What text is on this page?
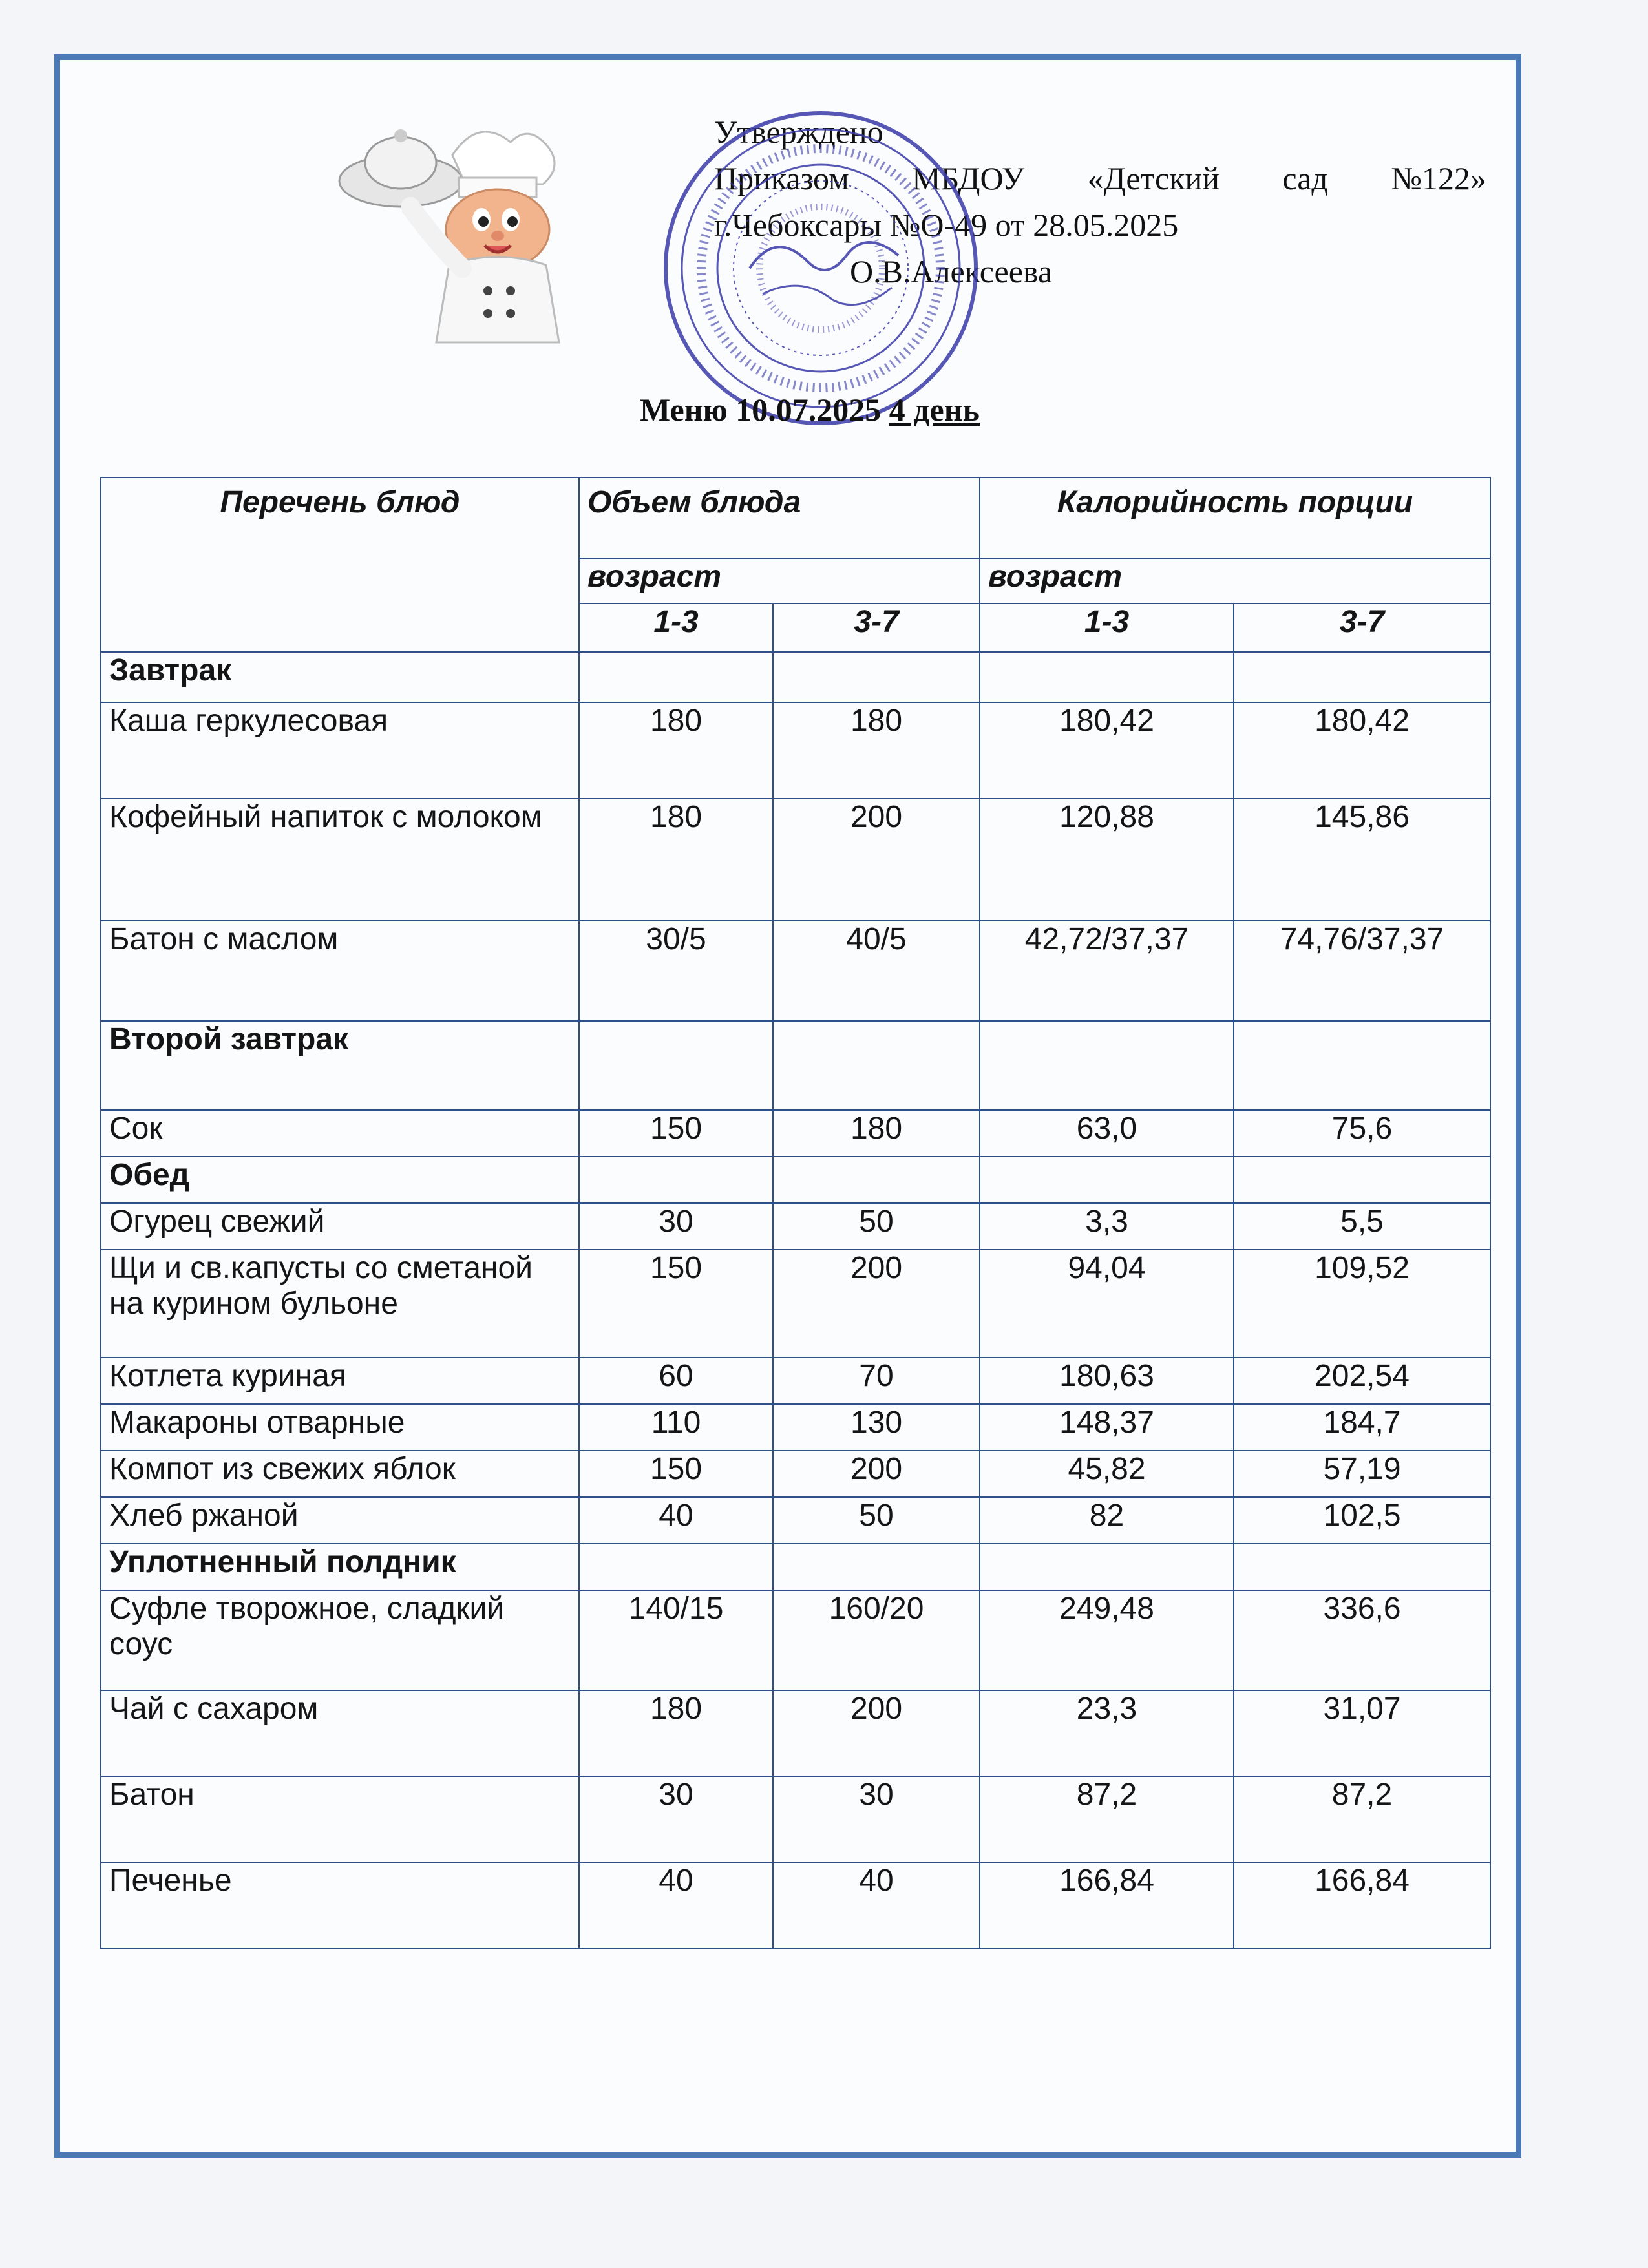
Утверждено
Приказом МБДОУ «Детский сад №122»
г.Чебоксары №О-49 от 28.05.2025
О.В.Алексеева
Меню 10.07.2025 4 день
Перечень блюд	Объем блюда		Калорийность порции	
	возраст		возраст	
	1-3	3-7	1-3	3-7
Завтрак				
Каша геркулесовая	180	180	180,42	180,42
Кофейный напиток с молоком	180	200	120,88	145,86
Батон с маслом	30/5	40/5	42,72/37,37	74,76/37,37
Второй завтрак				
Сок	150	180	63,0	75,6
Обед				
Огурец свежий	30	50	3,3	5,5
Щи и св.капусты со сметаной на курином бульоне	150	200	94,04	109,52
Котлета куриная	60	70	180,63	202,54
Макароны отварные	110	130	148,37	184,7
Компот из свежих яблок	150	200	45,82	57,19
Хлеб ржаной	40	50	82	102,5
Уплотненный полдник				
Суфле творожное, сладкий соус	140/15	160/20	249,48	336,6
Чай с сахаром	180	200	23,3	31,07
Батон	30	30	87,2	87,2
Печенье	40	40	166,84	166,84
